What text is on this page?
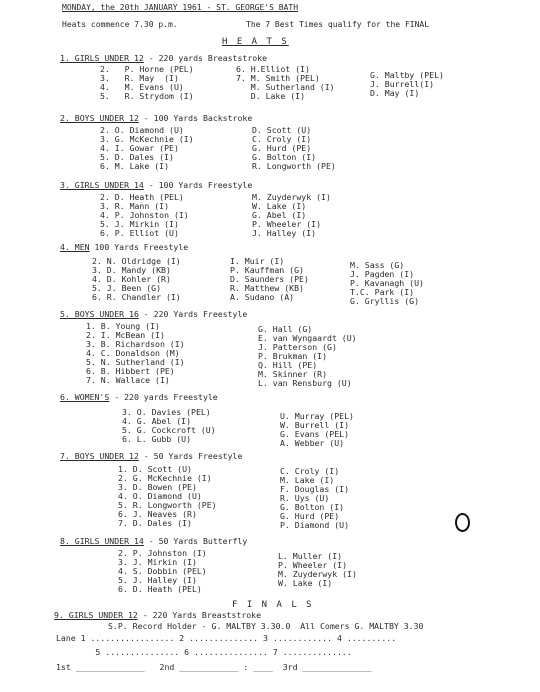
MONDAY, the 20th JANUARY 1961 - ST. GEORGE'S BATH
Heats commence 7.30 p.m.	The 7 Best Times qualify for the FINAL
H E A T S
1. GIRLS UNDER 12 - 220 yards Breaststroke
2.   P. Horne (PEL)
3.   R. May  (I)
4.   M. Evans (U)
5.   R. Strydom (I)
6. H.Elliot (I)
7. M. Smith (PEL)
M. Sutherland (I)
D. Lake (I)
G. Maltby (PEL)
J. Burrell(I)
D. May (I)
2. BOYS UNDER 12 - 100 Yards Backstroke
2. O. Diamond (U)
3. G. McKechnie (I)
4. I. Gowar (PE)
5. D. Dales (I)
6. M. Lake (I)
D. Scott (U)
C. Croly (I)
G. Hurd (PE)
G. Bolton (I)
R. Longworth (PE)
3. GIRLS UNDER 14 - 100 Yards Freestyle
2. D. Heath (PEL)
3. R. Mann (I)
4. P. Johnston (I)
5. J. Mirkin (I)
6. P. Elliot (U)
M. Zuyderwyk (I)
W. Lake (I)
G. Abel (I)
P. Wheeler (I)
J. Halley (I)
4. MEN 100 Yards Freestyle
2. N. Oldridge (I)
3. D. Mandy (KB)
4. D. Kohler (R)
5. J. Been (G)
6. R. Chandler (I)
I. Muir (I)
P. Kauffman (G)
D. Saunders (PE)
R. Matthew (KB)
A. Sudano (A)
M. Sass (G)
J. Pagden (I)
P. Kavanagh (U)
T.C. Park (I)
G. Gryllis (G)
5. BOYS UNDER 16 - 220 Yards Freestyle
1. B. Young (I)
2. I. McBean (I)
3. B. Richardson (I)
4. C. Donaldson (M)
5. N. Sutherland (I)
6. B. Hibbert (PE)
7. N. Wallace (I)
G. Hall (G)
E. van Wyngaardt (U)
J. Patterson (G)
P. Brukman (I)
Q. Hill (PE)
M. Skinner (R)
L. van Rensburg (U)
6. WOMEN'S - 220 yards Freestyle
3. O. Davies (PEL)
4. G. Abel (I)
5. G. Cockcroft (U)
6. L. Gubb (U)
U. Murray (PEL)
W. Burrell (I)
G. Evans (PEL)
A. Webber (U)
7. BOYS UNDER 12 - 50 Yards Freestyle
1. D. Scott (U)
2. G. McKechnie (I)
3. D. Bowen (PE)
4. O. Diamond (U)
5. R. Longworth (PE)
6. J. Neaves (R)
7. D. Dales (I)
C. Croly (I)
M. Lake (I)
F. Douglas (I)
R. Uys (U)
G. Bolton (I)
G. Hurd (PE)
P. Diamond (U)
8. GIRLS UNDER 14 - 50 Yards Butterfly
2. P. Johnston (I)
3. J. Mirkin (I)
4. S. Dobbin (PEL)
5. J. Halley (I)
6. D. Heath (PEL)
L. Muller (I)
P. Wheeler (I)
M. Zuyderwyk (I)
W. Lake (I)
F I N A L S
9. GIRLS UNDER 12 - 220 Yards Breaststroke
S.P. Record Holder - G. MALTBY 3.30.0  All Comers G. MALTBY 3.30
Lane 1 ................. 2 .............. 3 ............ 4 ..........
5 ............... 6 ............... 7 ..............
1st ______________   2nd ____________ : ____  3rd ______________
